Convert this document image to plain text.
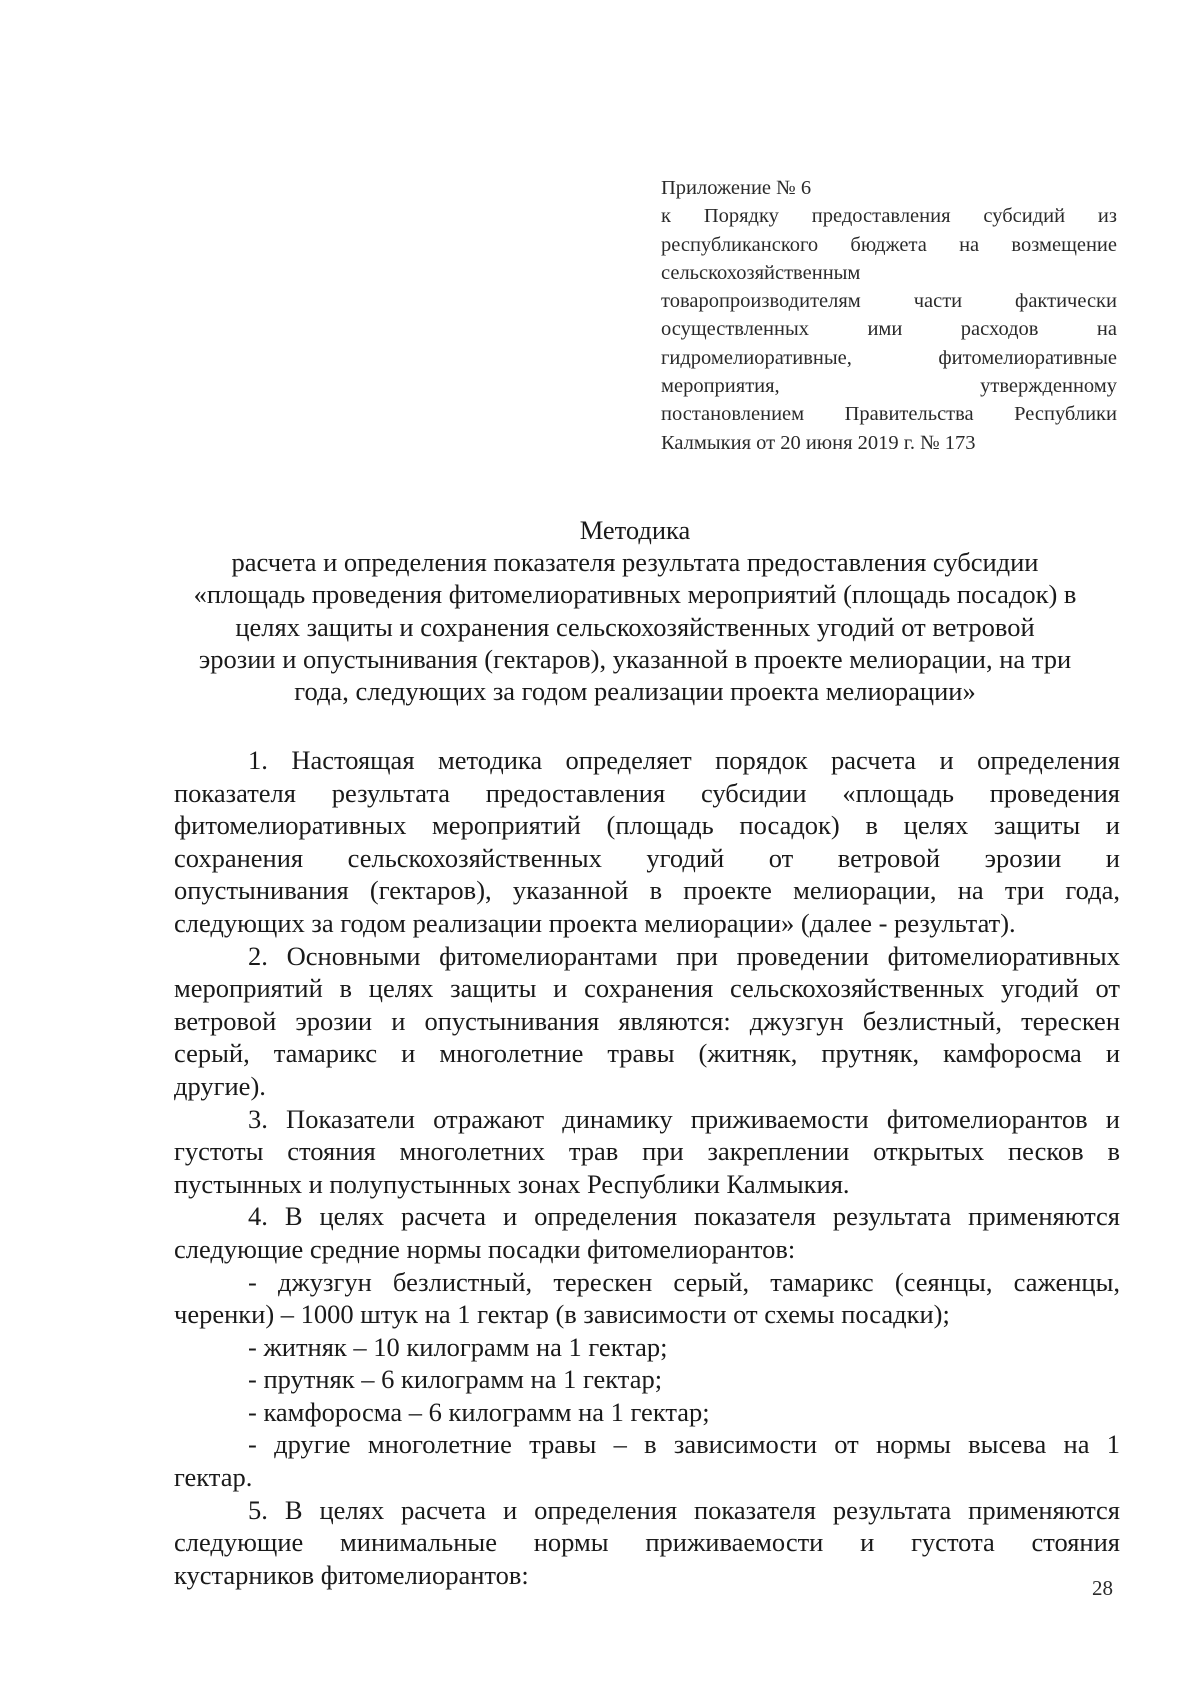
Приложение № 6
к Порядку предоставления субсидий из
республиканского бюджета на возмещение
сельскохозяйственным
товаропроизводителям части фактически
осуществленных ими расходов на
гидромелиоративные, фитомелиоративные
мероприятия, утвержденному
постановлением Правительства Республики
Калмыкия от 20 июня 2019 г. № 173
Методика
расчета и определения показателя результата предоставления субсидии
«площадь проведения фитомелиоративных мероприятий (площадь посадок) в
целях защиты и сохранения сельскохозяйственных угодий от ветровой
эрозии и опустынивания (гектаров), указанной в проекте мелиорации, на три
года, следующих за годом реализации проекта мелиорации»
1. Настоящая методика определяет порядок расчета и определения
показателя результата предоставления субсидии «площадь проведения
фитомелиоративных мероприятий (площадь посадок) в целях защиты и
сохранения сельскохозяйственных угодий от ветровой эрозии и
опустынивания (гектаров), указанной в проекте мелиорации, на три года,
следующих за годом реализации проекта мелиорации» (далее - результат).
2. Основными фитомелиорантами при проведении фитомелиоративных
мероприятий в целях защиты и сохранения сельскохозяйственных угодий от
ветровой эрозии и опустынивания являются: джузгун безлистный, терескен
серый, тамарикс и многолетние травы (житняк, прутняк, камфоросма и
другие).
3. Показатели отражают динамику приживаемости фитомелиорантов и
густоты стояния многолетних трав при закреплении открытых песков в
пустынных и полупустынных зонах Республики Калмыкия.
4. В целях расчета и определения показателя результата применяются
следующие средние нормы посадки фитомелиорантов:
- джузгун безлистный, терескен серый, тамарикс (сеянцы, саженцы,
черенки) – 1000 штук на 1 гектар (в зависимости от схемы посадки);
- житняк – 10 килограмм на 1 гектар;
- прутняк – 6 килограмм на 1 гектар;
- камфоросма – 6 килограмм на 1 гектар;
- другие многолетние травы – в зависимости от нормы высева на 1
гектар.
5. В целях расчета и определения показателя результата применяются
следующие минимальные нормы приживаемости и густота стояния
кустарников фитомелиорантов:	28
